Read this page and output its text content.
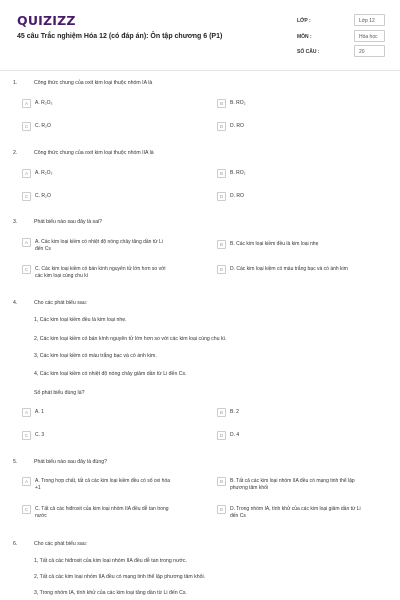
QUIZIZZ
45 câu Trắc nghiệm Hóa 12 (có đáp án): Ôn tập chương 6 (P1)
LỚP :	Lớp 12
MÔN :	Hóa học
SỐ CÂU :	20
1.	Công thức chung của oxit kim loại thuộc nhóm IA là
A	A. R₂O₃	B	B. RO₂
C	C. R₂O	D	D. RO
2.	Công thức chung của oxit kim loại thuộc nhóm IIA là
A	A. R₂O₃	B	B. RO₂
C	C. R₂O	D	D. RO
3.	Phát biểu nào sau đây là sai?
A	A. Các kim loại kiềm có nhiệt độ nóng chảy tăng dần từ Li đến Cs
B	B. Các kim loại kiềm đều là kim loại nhẹ
C	C. Các kim loại kiềm có bán kính nguyên tử lớn hơn so với các kim loại cùng chu kì
D	D. Các kim loại kiềm có màu trắng bạc và có ánh kim
4.	Cho các phát biểu sau:
1, Các kim loại kiềm đều là kim loại nhẹ.
2, Các kim loại kiềm có bán kính nguyên tử lớn hơn so với các kim loại cùng chu kì.
3, Các kim loại kiềm có màu trắng bạc và có ánh kim.
4, Các kim loại kiềm có nhiệt độ nóng chảy giảm dần từ Li đến Cs.
Số phát biểu đúng là?
A	A. 1	B	B. 2
C	C. 3	D	D. 4
5.	Phát biểu nào sau đây là đúng?
A	A. Trong hợp chất, tất cả các kim loại kiềm đều có số oxi hóa +1
B	B. Tất cả các kim loại nhóm IIA đều có mạng tinh thể lập phương tâm khối
C	C. Tất cả các hiđroxit của kim loại nhóm IIA đều dễ tan trong nước
D	D. Trong nhóm IA, tính khử của các kim loại giảm dần từ Li đến Cs
6.	Cho các phát biểu sau:
1, Tất cả các hiđroxit của kim loại nhóm IIA đều dễ tan trong nước.
2, Tất cả các kim loại nhóm IIA đều có mạng tinh thể lập phương tâm khối.
3, Trong nhóm IA, tính khử của các kim loại tăng dần từ Li đến Cs.
